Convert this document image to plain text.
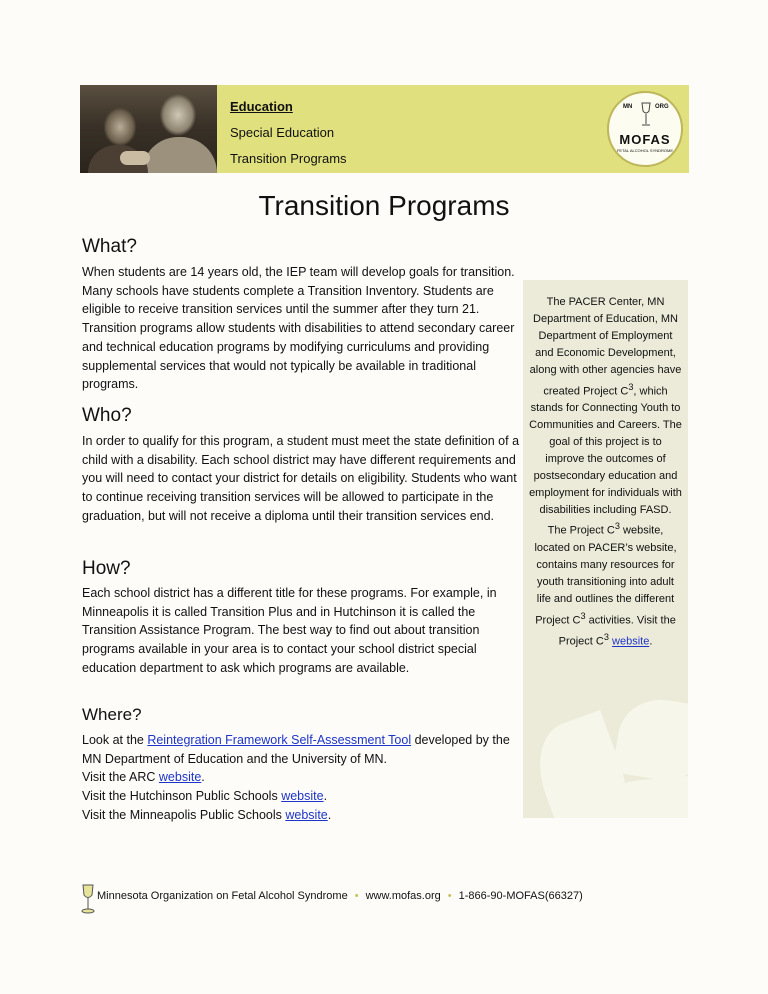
Education
Special Education
Transition Programs
MN	ORG
MOFAS
FETAL ALCOHOL SYNDROME
Transition Programs
What?

When students are 14 years old, the IEP team will develop goals for transition. Many schools have students complete a Transition Inventory. Students are eligible to receive transition services until the summer after they turn 21. Transition programs allow students with disabilities to attend secondary career and technical education programs by modifying curriculums and providing supplemental services that would not typically be available in traditional programs.

Who?

In order to qualify for this program, a student must meet the state definition of a child with a disability. Each school district may have different requirements and you will need to contact your district for details on eligibility. Students who want to continue receiving transition services will be allowed to participate in the graduation, but will not receive a diploma until their transition services end.

How?

Each school district has a different title for these programs. For example, in Minneapolis it is called Transition Plus and in Hutchinson it is called the Transition Assistance Program. The best way to find out about transition programs available in your area is to contact your school district special education department to ask which programs are available.

Where?
Look at the Reintegration Framework Self-Assessment Tool developed by the MN Department of Education and the University of MN.
Visit the ARC website.
Visit the Hutchinson Public Schools website.
Visit the Minneapolis Public Schools website.
The PACER Center, MN Department of Education, MN Department of Employment and Economic Development, along with other agencies have created Project $C^3$, which stands for Connecting Youth to Communities and Careers. The goal of this project is to improve the outcomes of postsecondary education and employment for individuals with disabilities including FASD. The Project $C^3$ website, located on PACER’s website, contains many resources for youth transitioning into adult life and outlines the different Project $C^3$ activities. Visit the Project $C^3$ website.
Minnesota Organization on Fetal Alcohol Syndrome • www.mofas.org • 1-866-90-MOFAS(66327)
